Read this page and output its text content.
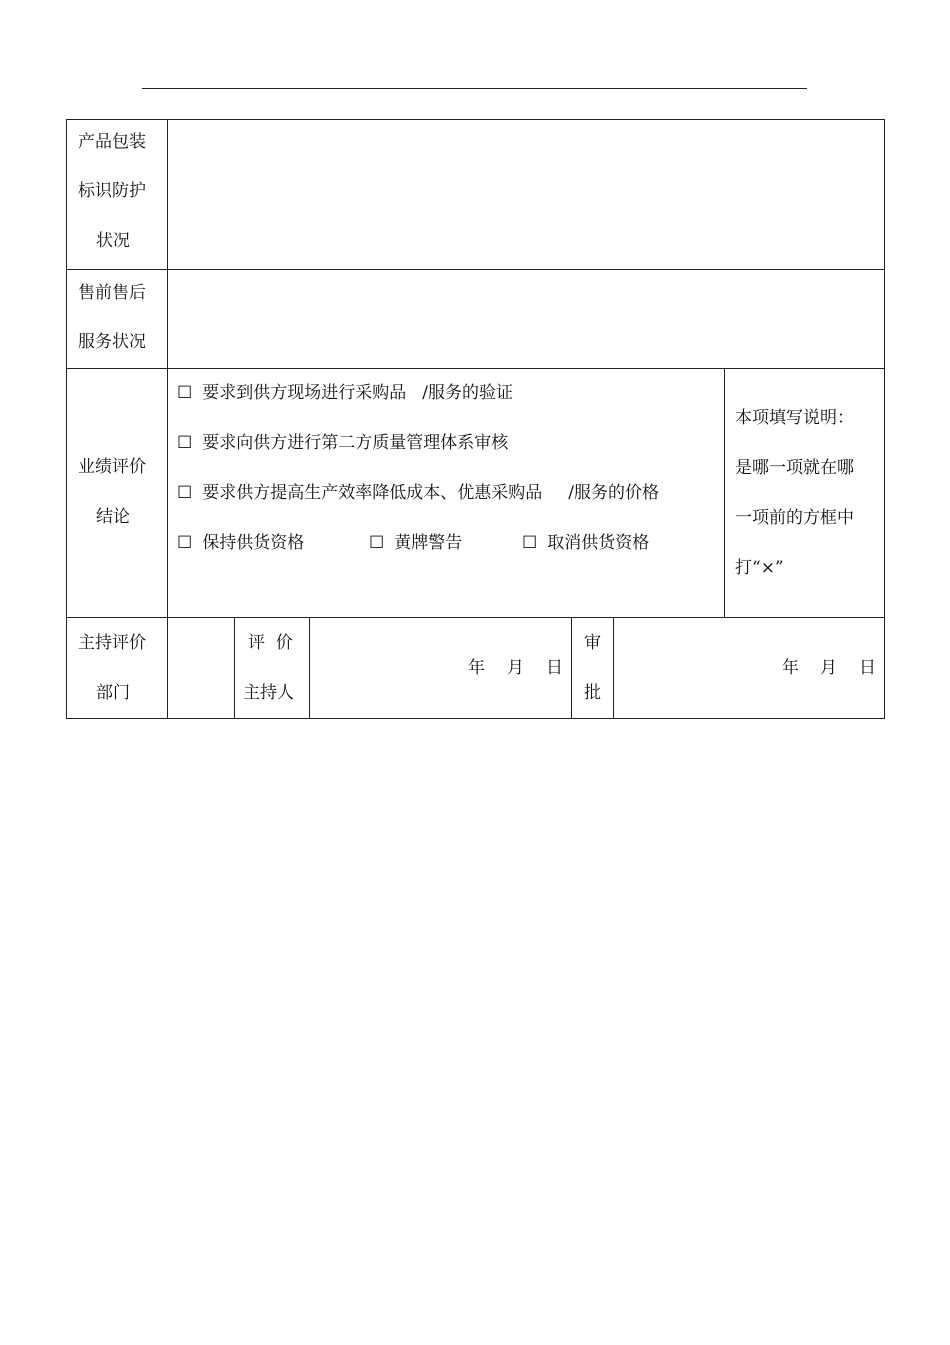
产品包装
标识防护
状况
售前售后
服务状况
业绩评价
结论
☐ 要求到供方现场进行采购品 /服务的验证
☐ 要求向供方进行第二方质量管理体系审核
☐ 要求供方提高生产效率降低成本、优惠采购品 /服务的价格
☐ 保持供货资格	☐ 黄牌警告	☐ 取消供货资格
本项填写说明：
是哪一项就在哪
一项前的方框中
打“×”
主持评价
部门
评  价
主持人
年 月 日
审
批
年 月 日
